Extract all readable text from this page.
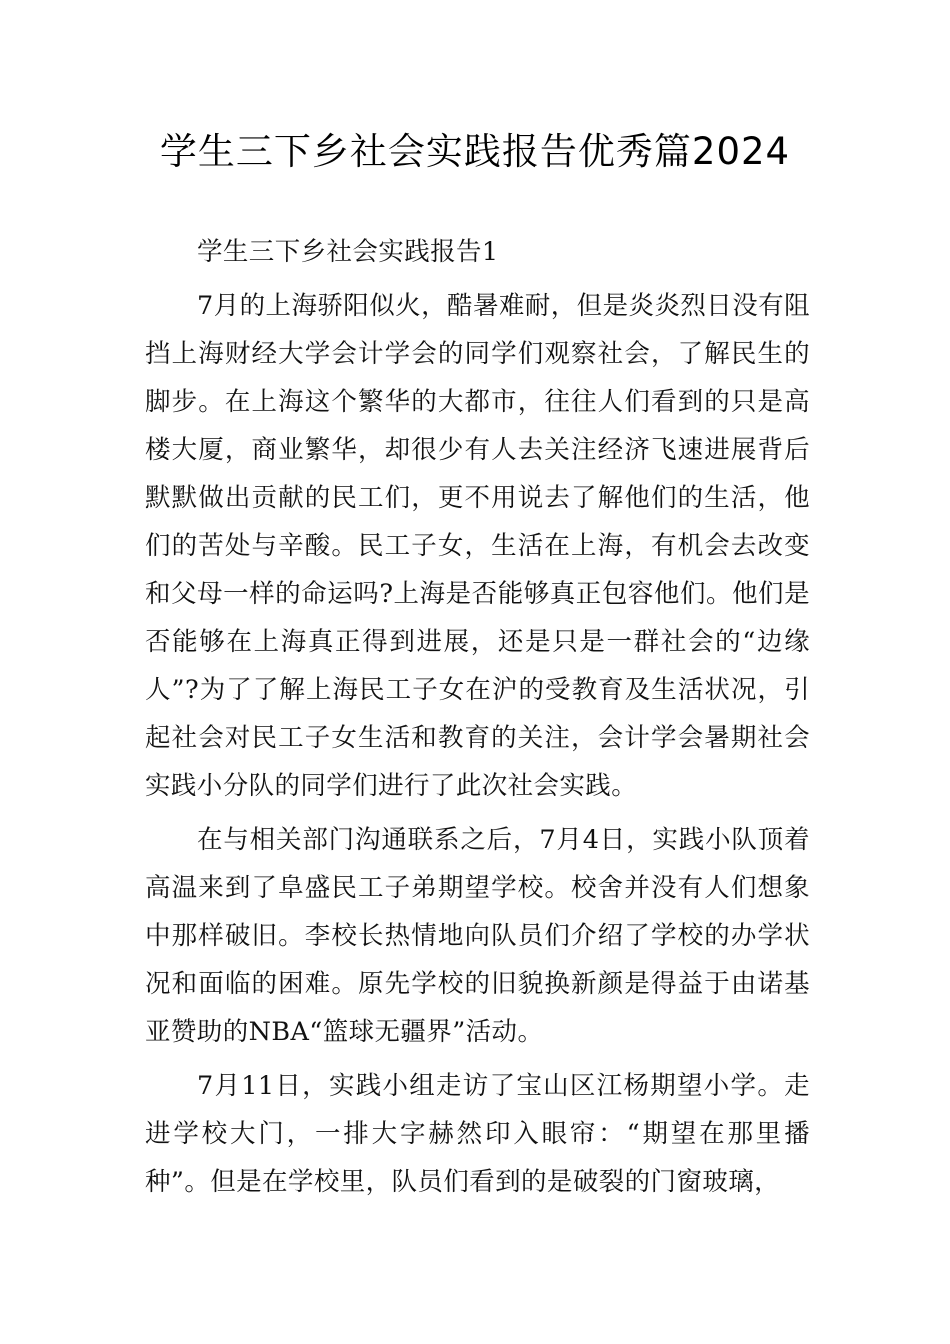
学生三下乡社会实践报告优秀篇2024

学生三下乡社会实践报告1

7月的上海骄阳似火，酷暑难耐，但是炎炎烈日没有阻挡上海财经大学会计学会的同学们观察社会，了解民生的脚步。在上海这个繁华的大都市，往往人们看到的只是高楼大厦，商业繁华，却很少有人去关注经济飞速进展背后默默做出贡献的民工们，更不用说去了解他们的生活，他们的苦处与辛酸。民工子女，生活在上海，有机会去改变和父母一样的命运吗?上海是否能够真正包容他们。他们是否能够在上海真正得到进展，还是只是一群社会的“边缘人”?为了了解上海民工子女在沪的受教育及生活状况，引起社会对民工子女生活和教育的关注，会计学会暑期社会实践小分队的同学们进行了此次社会实践。

在与相关部门沟通联系之后，7月4日，实践小队顶着高温来到了阜盛民工子弟期望学校。校舍并没有人们想象中那样破旧。李校长热情地向队员们介绍了学校的办学状况和面临的困难。原先学校的旧貌换新颜是得益于由诺基亚赞助的NBA“篮球无疆界”活动。

7月11日，实践小组走访了宝山区江杨期望小学。走进学校大门，一排大字赫然印入眼帘：“期望在那里播种”。但是在学校里，队员们看到的是破裂的门窗玻璃，
